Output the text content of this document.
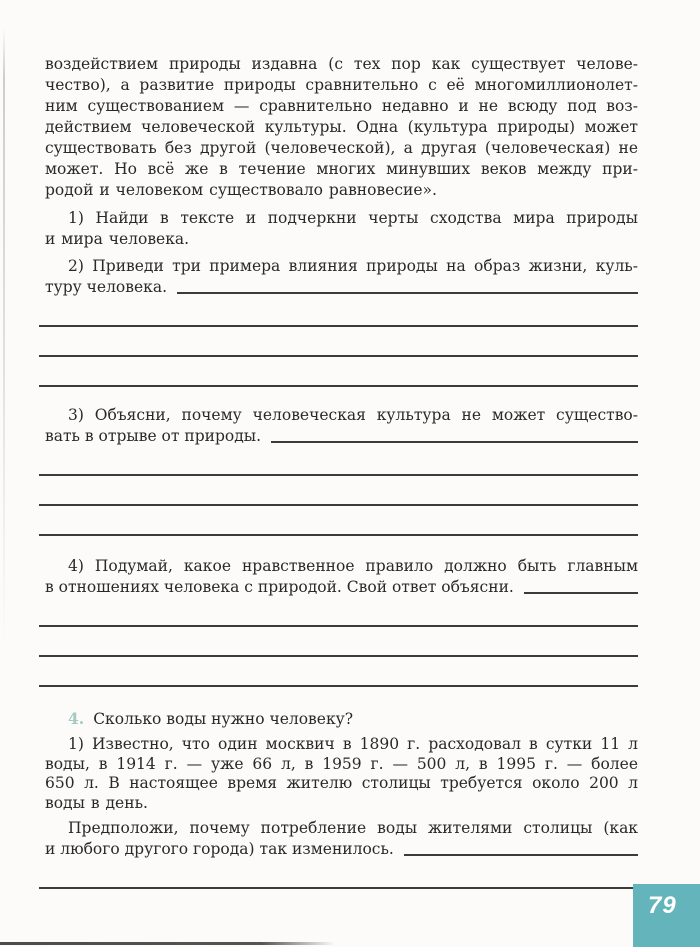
воздействием природы издавна (с тех пор как существует челове-
чество), а развитие природы сравнительно с её многомиллионолет-
ним существованием — сравнительно недавно и не всюду под воз-
действием человеческой культуры. Одна (культура природы) может
существовать без другой (человеческой), а другая (человеческая) не
может. Но всё же в течение многих минувших веков между при-
родой и человеком существовало равновесие».
1) Найди в тексте и подчеркни черты сходства мира природы
и мира человека.
2) Приведи три примера влияния природы на образ жизни, куль-
туру человека.
3) Объясни, почему человеческая культура не может существо-
вать в отрыве от природы.
4) Подумай, какое нравственное правило должно быть главным
в отношениях человека с природой. Свой ответ объясни.
4. Сколько воды нужно человеку?
1) Известно, что один москвич в 1890 г. расходовал в сутки 11 л
воды, в 1914 г. — уже 66 л, в 1959 г. — 500 л, в 1995 г. — более
650 л. В настоящее время жителю столицы требуется около 200 л
воды в день.
Предположи, почему потребление воды жителями столицы (как
и любого другого города) так изменилось.
79
